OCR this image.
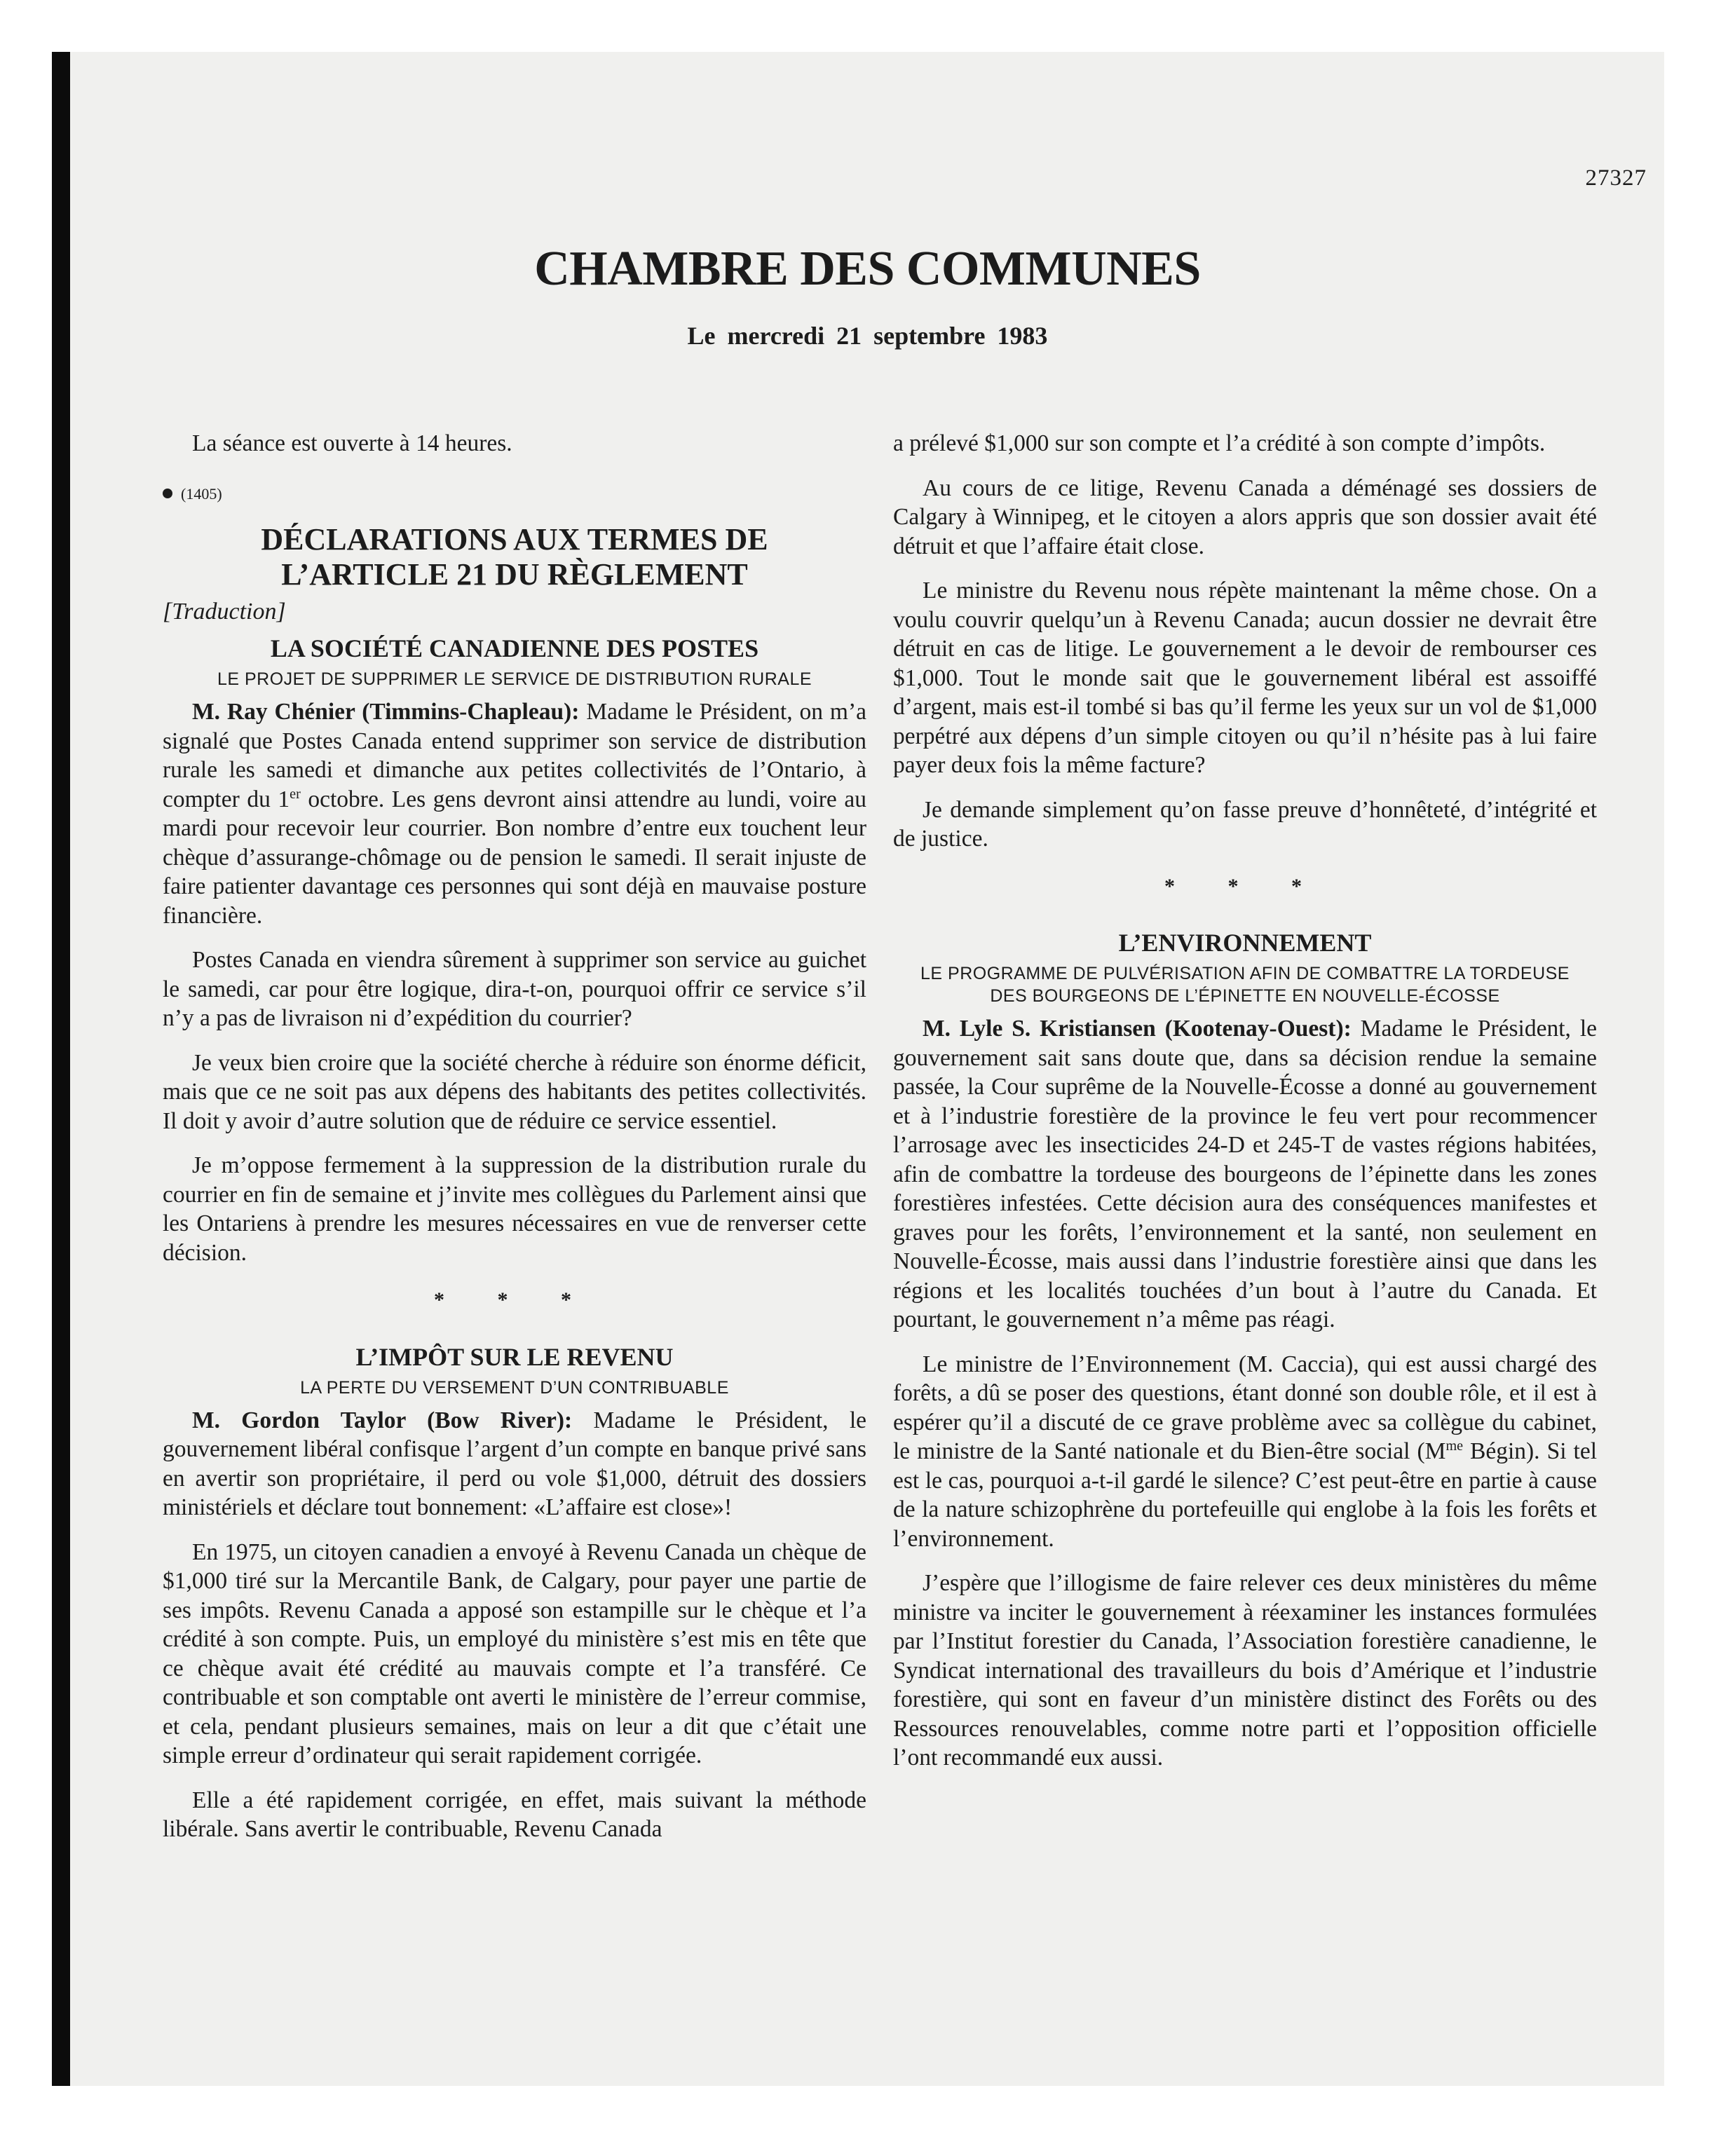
27327
CHAMBRE DES COMMUNES
Le mercredi 21 septembre 1983

La séance est ouverte à 14 heures.

(1405)
DÉCLARATIONS AUX TERMES DE
L’ARTICLE 21 DU RÈGLEMENT
[Traduction]
LA SOCIÉTÉ CANADIENNE DES POSTES
LE PROJET DE SUPPRIMER LE SERVICE DE DISTRIBUTION RURALE

M. Ray Chénier (Timmins-Chapleau): Madame le Président, on m’a signalé que Postes Canada entend supprimer son service de distribution rurale les samedi et dimanche aux petites collectivités de l’Ontario, à compter du 1er octobre. Les gens devront ainsi attendre au lundi, voire au mardi pour recevoir leur courrier. Bon nombre d’entre eux touchent leur chèque d’assurange-chômage ou de pension le samedi. Il serait injuste de faire patienter davantage ces personnes qui sont déjà en mauvaise posture financière.

Postes Canada en viendra sûrement à supprimer son service au guichet le samedi, car pour être logique, dira-t-on, pourquoi offrir ce service s’il n’y a pas de livraison ni d’expédition du courrier?

Je veux bien croire que la société cherche à réduire son énorme déficit, mais que ce ne soit pas aux dépens des habitants des petites collectivités. Il doit y avoir d’autre solution que de réduire ce service essentiel.

Je m’oppose fermement à la suppression de la distribution rurale du courrier en fin de semaine et j’invite mes collègues du Parlement ainsi que les Ontariens à prendre les mesures nécessaires en vue de renverser cette décision.

* * *
L’IMPÔT SUR LE REVENU
LA PERTE DU VERSEMENT D’UN CONTRIBUABLE

M. Gordon Taylor (Bow River): Madame le Président, le gouvernement libéral confisque l’argent d’un compte en banque privé sans en avertir son propriétaire, il perd ou vole $1,000, détruit des dossiers ministériels et déclare tout bonnement: «L’affaire est close»!

En 1975, un citoyen canadien a envoyé à Revenu Canada un chèque de $1,000 tiré sur la Mercantile Bank, de Calgary, pour payer une partie de ses impôts. Revenu Canada a apposé son estampille sur le chèque et l’a crédité à son compte. Puis, un employé du ministère s’est mis en tête que ce chèque avait été crédité au mauvais compte et l’a transféré. Ce contribuable et son comptable ont averti le ministère de l’erreur commise, et cela, pendant plusieurs semaines, mais on leur a dit que c’était une simple erreur d’ordinateur qui serait rapidement corrigée.

Elle a été rapidement corrigée, en effet, mais suivant la méthode libérale. Sans avertir le contribuable, Revenu Canada

a prélevé $1,000 sur son compte et l’a crédité à son compte d’impôts.

Au cours de ce litige, Revenu Canada a déménagé ses dossiers de Calgary à Winnipeg, et le citoyen a alors appris que son dossier avait été détruit et que l’affaire était close.

Le ministre du Revenu nous répète maintenant la même chose. On a voulu couvrir quelqu’un à Revenu Canada; aucun dossier ne devrait être détruit en cas de litige. Le gouvernement a le devoir de rembourser ces $1,000. Tout le monde sait que le gouvernement libéral est assoiffé d’argent, mais est-il tombé si bas qu’il ferme les yeux sur un vol de $1,000 perpétré aux dépens d’un simple citoyen ou qu’il n’hésite pas à lui faire payer deux fois la même facture?

Je demande simplement qu’on fasse preuve d’honnêteté, d’intégrité et de justice.

* * *
L’ENVIRONNEMENT
LE PROGRAMME DE PULVÉRISATION AFIN DE COMBATTRE LA TORDEUSE DES BOURGEONS DE L’ÉPINETTE EN NOUVELLE-ÉCOSSE

M. Lyle S. Kristiansen (Kootenay-Ouest): Madame le Président, le gouvernement sait sans doute que, dans sa décision rendue la semaine passée, la Cour suprême de la Nouvelle-Écosse a donné au gouvernement et à l’industrie forestière de la province le feu vert pour recommencer l’arrosage avec les insecticides 24-D et 245-T de vastes régions habitées, afin de combattre la tordeuse des bourgeons de l’épinette dans les zones forestières infestées. Cette décision aura des conséquences manifestes et graves pour les forêts, l’environnement et la santé, non seulement en Nouvelle-Écosse, mais aussi dans l’industrie forestière ainsi que dans les régions et les localités touchées d’un bout à l’autre du Canada. Et pourtant, le gouvernement n’a même pas réagi.

Le ministre de l’Environnement (M. Caccia), qui est aussi chargé des forêts, a dû se poser des questions, étant donné son double rôle, et il est à espérer qu’il a discuté de ce grave problème avec sa collègue du cabinet, le ministre de la Santé nationale et du Bien-être social ($M^{me}$ Bégin). Si tel est le cas, pourquoi a-t-il gardé le silence? C’est peut-être en partie à cause de la nature schizophrène du portefeuille qui englobe à la fois les forêts et l’environnement.

J’espère que l’illogisme de faire relever ces deux ministères du même ministre va inciter le gouvernement à réexaminer les instances formulées par l’Institut forestier du Canada, l’Association forestière canadienne, le Syndicat international des travailleurs du bois d’Amérique et l’industrie forestière, qui sont en faveur d’un ministère distinct des Forêts ou des Ressources renouvelables, comme notre parti et l’opposition officielle l’ont recommandé eux aussi.
